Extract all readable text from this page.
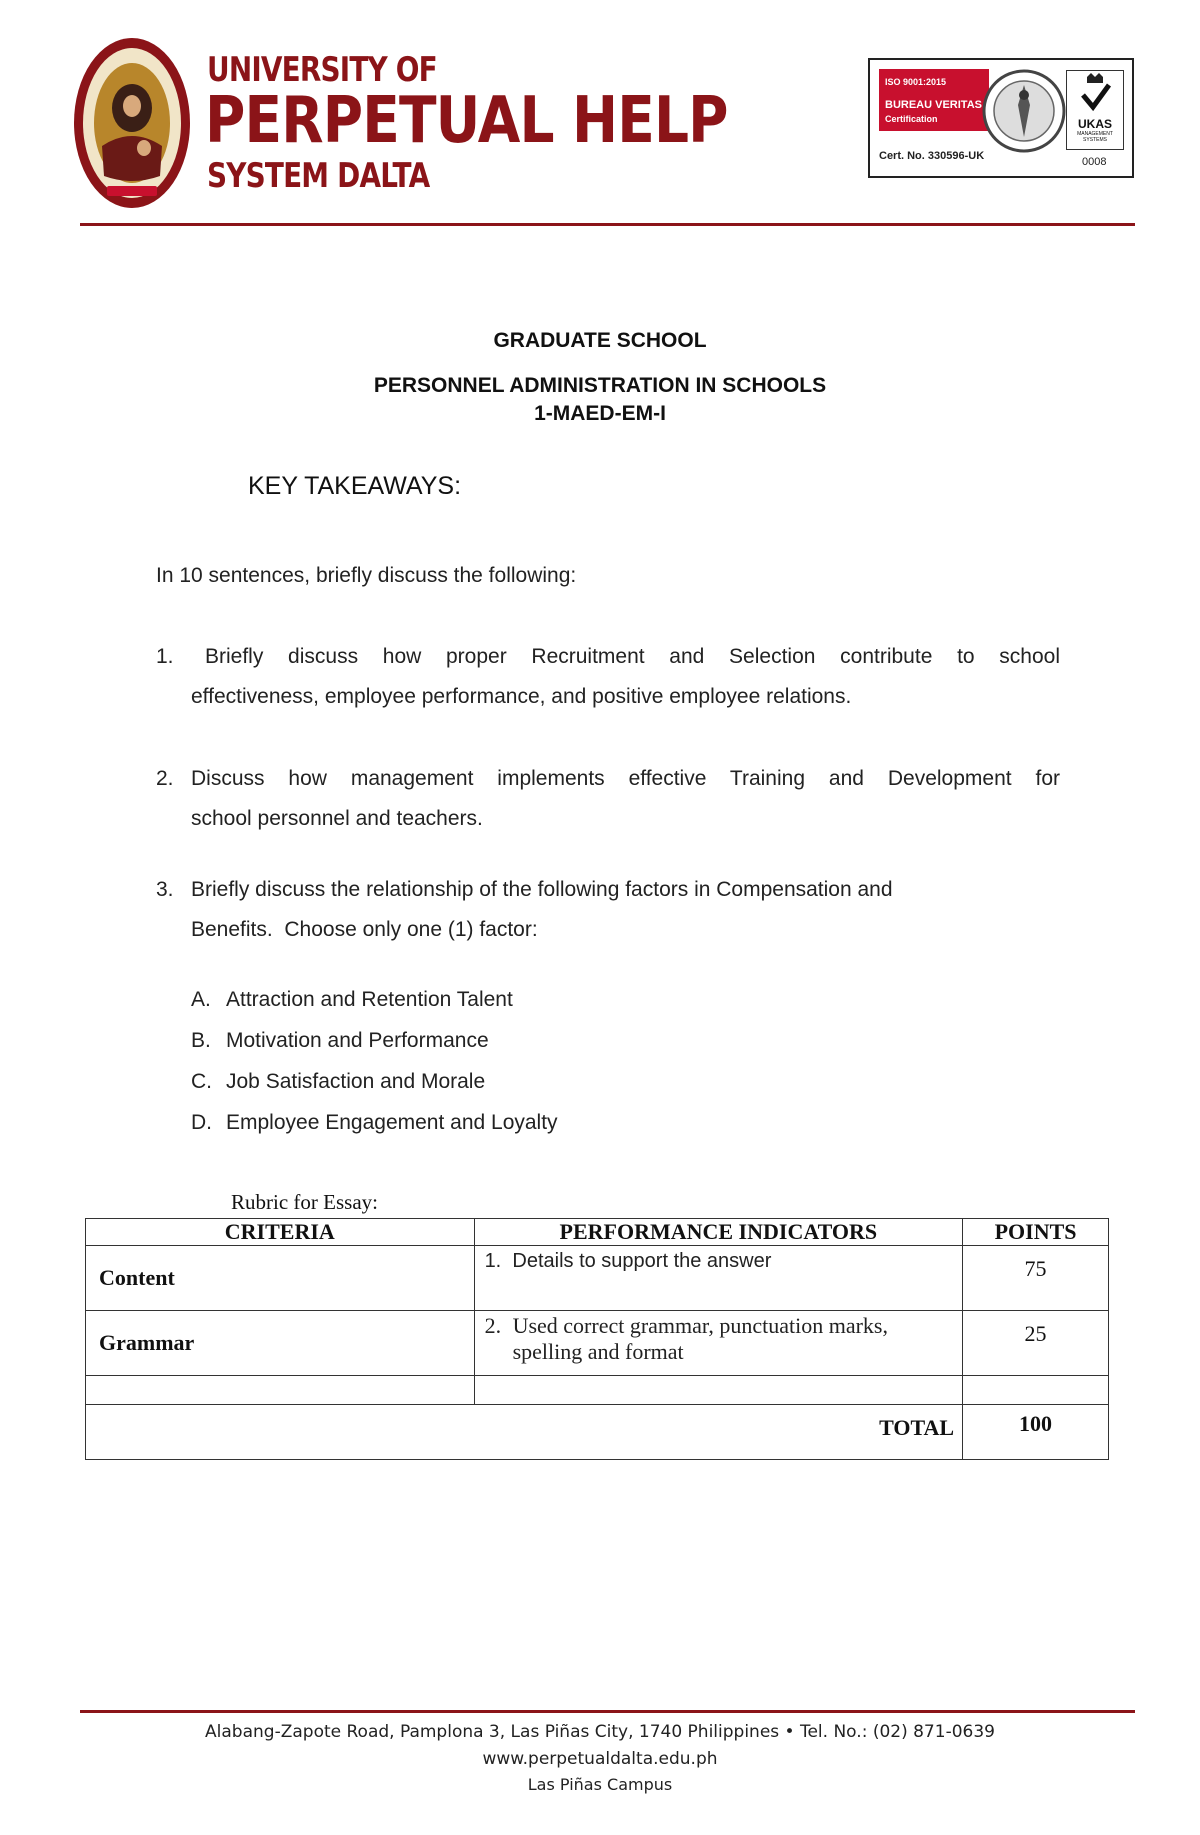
UNIVERSITY OF
PERPETUAL HELP
SYSTEM DALTA
ISO 9001:2015
BUREAU VERITAS
Certification	UKAS
MANAGEMENT SYSTEMS
Cert. No. 330596-UK	0008
GRADUATE SCHOOL
PERSONNEL ADMINISTRATION IN SCHOOLS
1-MAED-EM-I
KEY TAKEAWAYS:
In 10 sentences, briefly discuss the following:
1. Briefly discuss how proper Recruitment and Selection contribute to school
effectiveness, employee performance, and positive employee relations.
2. Discuss how management implements effective Training and Development for
school personnel and teachers.
3. Briefly discuss the relationship of the following factors in Compensation and
Benefits.  Choose only one (1) factor:
A. Attraction and Retention Talent
B. Motivation and Performance
C. Job Satisfaction and Morale
D. Employee Engagement and Loyalty
Rubric for Essay:
CRITERIA	PERFORMANCE INDICATORS	POINTS
Content	1. Details to support the answer	75
Grammar	2. Used correct grammar, punctuation marks, spelling and format	25

TOTAL		100
Alabang-Zapote Road, Pamplona 3, Las Piñas City, 1740 Philippines • Tel. No.: (02) 871-0639
www.perpetualdalta.edu.ph
Las Piñas Campus
